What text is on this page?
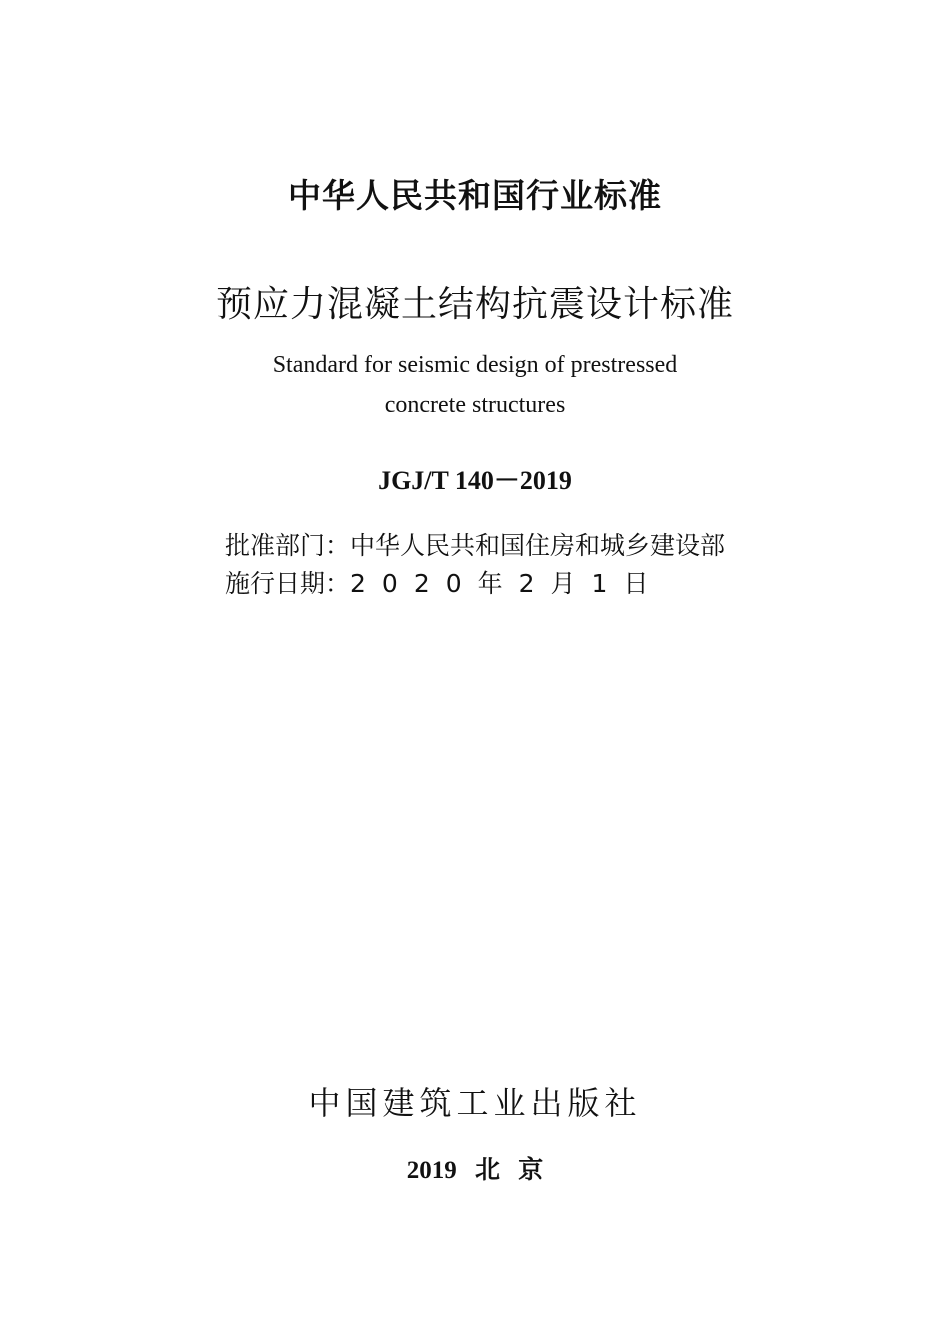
中华人民共和国行业标准
预应力混凝土结构抗震设计标准
Standard for seismic design of prestressed
concrete structures
JGJ/T 140－2019
批准部门：中华人民共和国住房和城乡建设部
施行日期：2020年2月1日
中国建筑工业出版社
2019 北 京
